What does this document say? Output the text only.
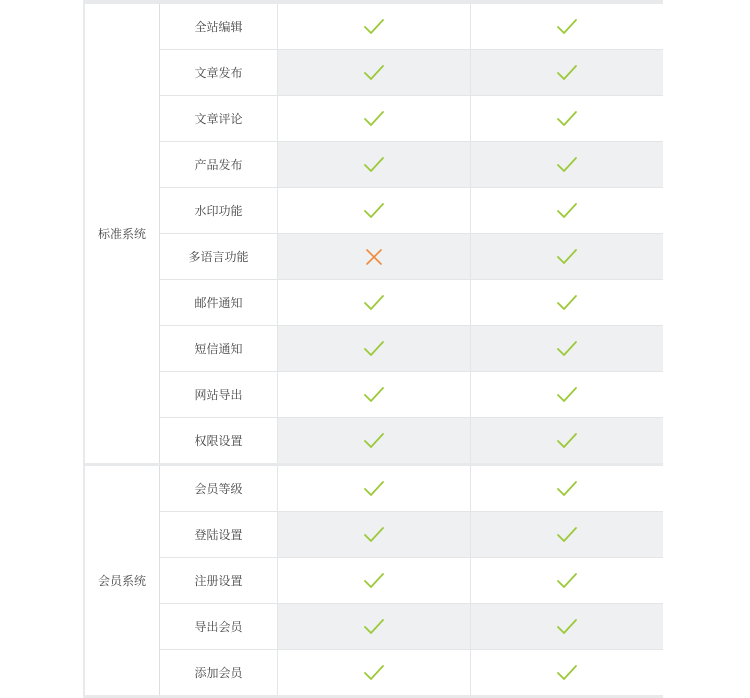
标准系统
全站编辑
文章发布
文章评论
产品发布
水印功能
多语言功能
邮件通知
短信通知
网站导出
权限设置
会员系统
会员等级
登陆设置
注册设置
导出会员
添加会员
